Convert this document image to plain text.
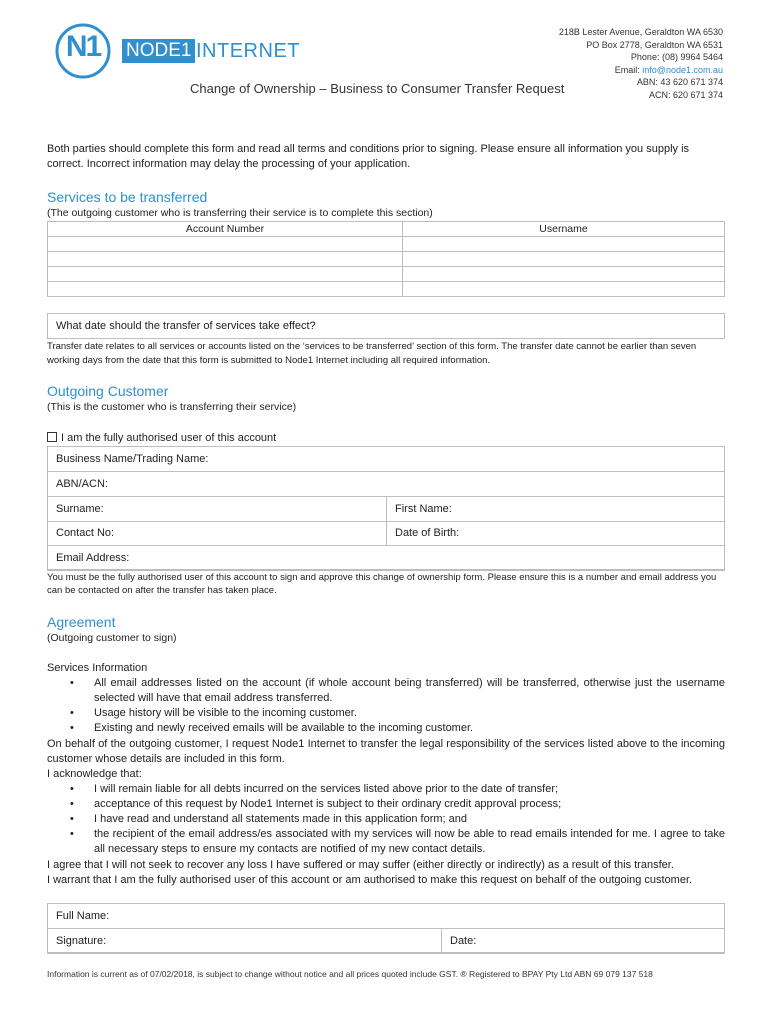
N1	NODE1 INTERNET
218B Lester Avenue, Geraldton WA 6530
PO Box 2778, Geraldton WA 6531
Phone: (08) 9964 5464
Email: info@node1.com.au
ABN: 43 620 671 374
ACN: 620 671 374
Change of Ownership – Business to Consumer Transfer Request
Both parties should complete this form and read all terms and conditions prior to signing. Please ensure all information you supply is correct. Incorrect information may delay the processing of your application.
Services to be transferred
(The outgoing customer who is transferring their service is to complete this section)
Account Number	Username

What date should the transfer of services take effect?
Transfer date relates to all services or accounts listed on the ‘services to be transferred’ section of this form. The transfer date cannot be earlier than seven working days from the date that this form is submitted to Node1 Internet including all required information.
Outgoing Customer
(This is the customer who is transferring their service)
I am the fully authorised user of this account
Business Name/Trading Name:
ABN/ACN:
Surname:	First Name:
Contact No:	Date of Birth:
Email Address:
You must be the fully authorised user of this account to sign and approve this change of ownership form. Please ensure this is a number and email address you can be contacted on after the transfer has taken place.
Agreement
(Outgoing customer to sign)
Services Information
• All email addresses listed on the account (if whole account being transferred) will be transferred, otherwise just the username selected will have that email address transferred.
• Usage history will be visible to the incoming customer.
• Existing and newly received emails will be available to the incoming customer.
On behalf of the outgoing customer, I request Node1 Internet to transfer the legal responsibility of the services listed above to the incoming customer whose details are included in this form.
I acknowledge that:
• I will remain liable for all debts incurred on the services listed above prior to the date of transfer;
• acceptance of this request by Node1 Internet is subject to their ordinary credit approval process;
• I have read and understand all statements made in this application form; and
• the recipient of the email address/es associated with my services will now be able to read emails intended for me. I agree to take all necessary steps to ensure my contacts are notified of my new contact details.
I agree that I will not seek to recover any loss I have suffered or may suffer (either directly or indirectly) as a result of this transfer.
I warrant that I am the fully authorised user of this account or am authorised to make this request on behalf of the outgoing customer.
Full Name:
Signature:	Date:
Information is current as of 07/02/2018, is subject to change without notice and all prices quoted include GST. ® Registered to BPAY Pty Ltd ABN 69 079 137 518
